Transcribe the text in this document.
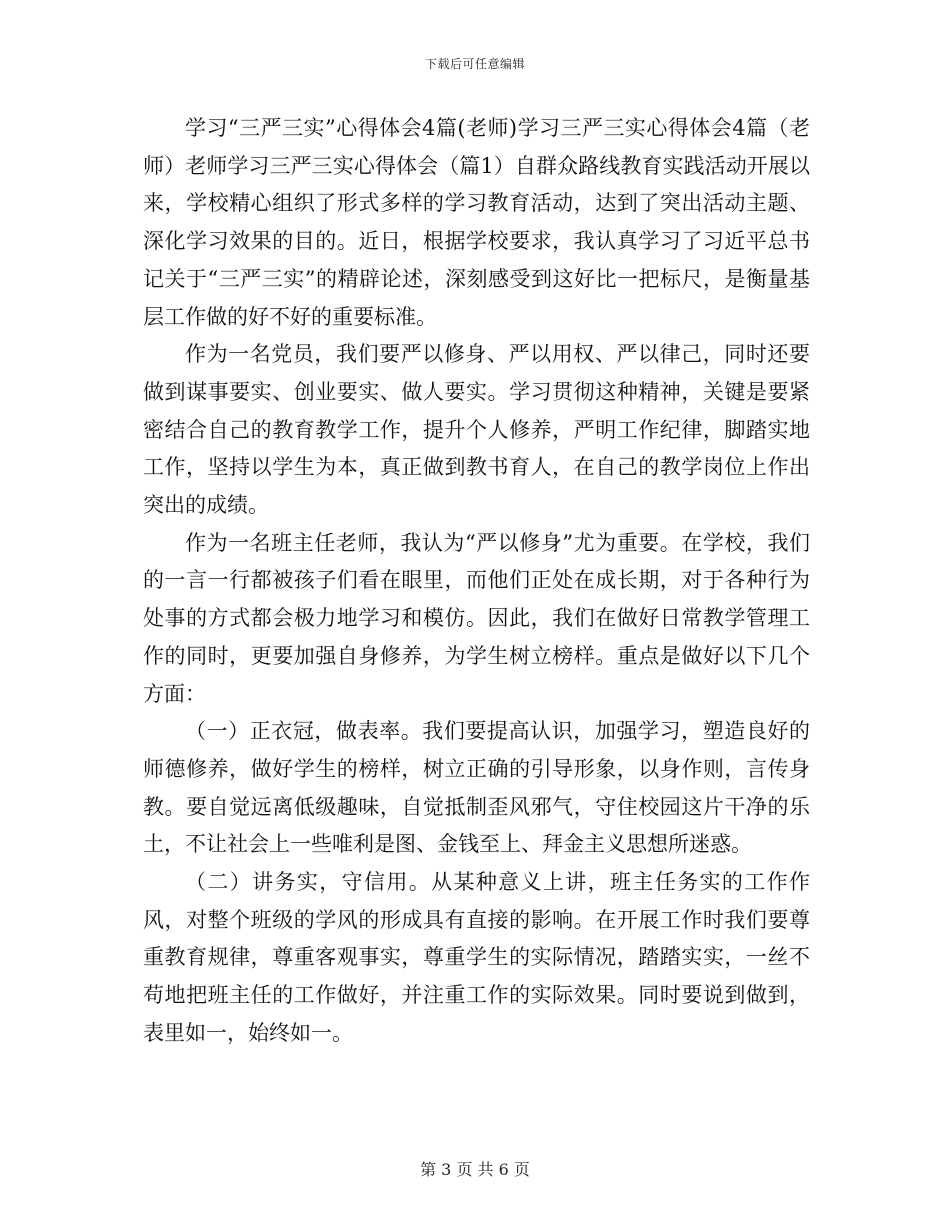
下载后可任意编辑

学习“三严三实”心得体会4篇(老师)学习三严三实心得体会4篇（老师）老师学习三严三实心得体会（篇1）自群众路线教育实践活动开展以来，学校精心组织了形式多样的学习教育活动，达到了突出活动主题、深化学习效果的目的。近日，根据学校要求，我认真学习了习近平总书记关于“三严三实”的精辟论述，深刻感受到这好比一把标尺，是衡量基层工作做的好不好的重要标准。

作为一名党员，我们要严以修身、严以用权、严以律己，同时还要做到谋事要实、创业要实、做人要实。学习贯彻这种精神，关键是要紧密结合自己的教育教学工作，提升个人修养，严明工作纪律，脚踏实地工作，坚持以学生为本，真正做到教书育人，在自己的教学岗位上作出突出的成绩。

作为一名班主任老师，我认为“严以修身”尤为重要。在学校，我们的一言一行都被孩子们看在眼里，而他们正处在成长期，对于各种行为处事的方式都会极力地学习和模仿。因此，我们在做好日常教学管理工作的同时，更要加强自身修养，为学生树立榜样。重点是做好以下几个方面：

（一）正衣冠，做表率。我们要提高认识，加强学习，塑造良好的师德修养，做好学生的榜样，树立正确的引导形象，以身作则，言传身教。要自觉远离低级趣味，自觉抵制歪风邪气，守住校园这片干净的乐土，不让社会上一些唯利是图、金钱至上、拜金主义思想所迷惑。

（二）讲务实，守信用。从某种意义上讲，班主任务实的工作作风，对整个班级的学风的形成具有直接的影响。在开展工作时我们要尊重教育规律，尊重客观事实，尊重学生的实际情况，踏踏实实，一丝不苟地把班主任的工作做好，并注重工作的实际效果。同时要说到做到，表里如一，始终如一。

第 3 页 共 6 页
